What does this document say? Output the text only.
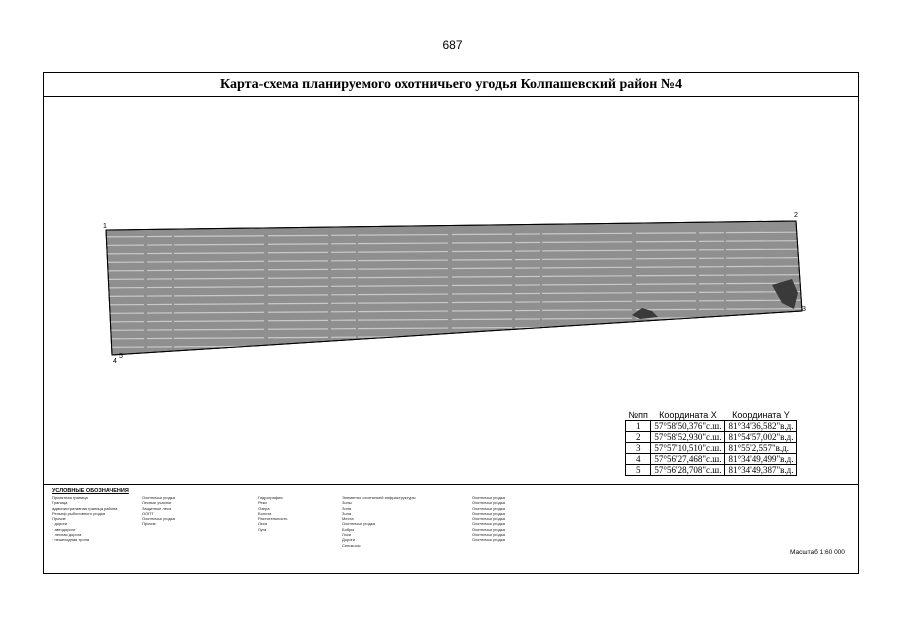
687
Карта-схема планируемого охотничьего угодья Колпашевский район №4
1
2
3
4
5
№пп	Координата X	Координата Y
1	57°58'50,376"с.ш.	81°34'36,582"в.д.
2	57°58'52,930"с.ш.	81°54'57,002"в.д.
3	57°57'10,510"с.ш.	81°55'2,557"в.д.
4	57°56'27,468"с.ш.	81°34'49,499"в.д.
5	57°56'28,708"с.ш.	81°34'49,387"в.д.
УСЛОВНЫЕ ОБОЗНАЧЕНИЯ
Проектная граница
Граница
административная граница района
Рельеф рыболовного угодья
Прочие
· дороги
· автодороги
· лесная дорога
· пешеходная тропа
Охотничьи угодья
Лесные участки
Защитные леса
ООПТ
Охотничьи угодья
Прочие
Гидрография
Реки
Озера
Болота
Растительность
Леса
Луга
Элементы охотничьей инфраструктуры
Зоны
Зона
Зона
Места
Охотничьи угодья
Бобры
Лоси
Дороги
Сенокосы
Охотничьи угодья
Охотничьи угодья
Охотничьи угодья
Охотничьи угодья
Охотничьи угодья
Охотничьи угодья
Охотничьи угодья
Охотничьи угодья
Охотничьи угодья
Масштаб 1:60 000
